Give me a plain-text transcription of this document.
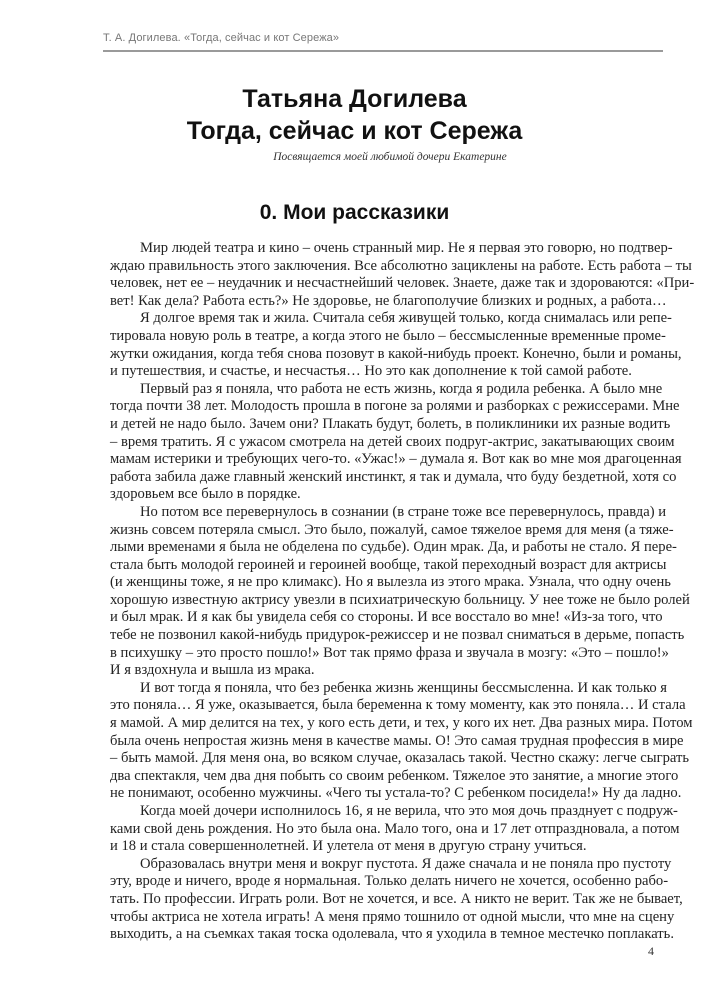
Т. А. Догилева. «Тогда, сейчас и кот Сережа»
Татьяна Догилева
Тогда, сейчас и кот Сережа
Посвящается моей любимой дочери Екатерине
0. Мои рассказики
Мир людей театра и кино – очень странный мир. Не я первая это говорю, но подтвер-
ждаю правильность этого заключения. Все абсолютно зациклены на работе. Есть работа – ты
человек, нет ее – неудачник и несчастнейший человек. Знаете, даже так и здороваются: «При-
вет! Как дела? Работа есть?» Не здоровье, не благополучие близких и родных, а работа…
Я долгое время так и жила. Считала себя живущей только, когда снималась или репе-
тировала новую роль в театре, а когда этого не было – бессмысленные временные проме-
жутки ожидания, когда тебя снова позовут в какой-нибудь проект. Конечно, были и романы,
и путешествия, и счастье, и несчастья… Но это как дополнение к той самой работе.
Первый раз я поняла, что работа не есть жизнь, когда я родила ребенка. А было мне
тогда почти 38 лет. Молодость прошла в погоне за ролями и разборках с режиссерами. Мне
и детей не надо было. Зачем они? Плакать будут, болеть, в поликлиники их разные водить
– время тратить. Я с ужасом смотрела на детей своих подруг-актрис, закатывающих своим
мамам истерики и требующих чего-то. «Ужас!» – думала я. Вот как во мне моя драгоценная
работа забила даже главный женский инстинкт, я так и думала, что буду бездетной, хотя со
здоровьем все было в порядке.
Но потом все перевернулось в сознании (в стране тоже все перевернулось, правда) и
жизнь совсем потеряла смысл. Это было, пожалуй, самое тяжелое время для меня (а тяже-
лыми временами я была не обделена по судьбе). Один мрак. Да, и работы не стало. Я пере-
стала быть молодой героиней и героиней вообще, такой переходный возраст для актрисы
(и женщины тоже, я не про климакс). Но я вылезла из этого мрака. Узнала, что одну очень
хорошую известную актрису увезли в психиатрическую больницу. У нее тоже не было ролей
и был мрак. И я как бы увидела себя со стороны. И все восстало во мне! «Из-за того, что
тебе не позвонил какой-нибудь придурок-режиссер и не позвал сниматься в дерьме, попасть
в психушку – это просто пошло!» Вот так прямо фраза и звучала в мозгу: «Это – пошло!»
И я вздохнула и вышла из мрака.
И вот тогда я поняла, что без ребенка жизнь женщины бессмысленна. И как только я
это поняла… Я уже, оказывается, была беременна к тому моменту, как это поняла… И стала
я мамой. А мир делится на тех, у кого есть дети, и тех, у кого их нет. Два разных мира. Потом
была очень непростая жизнь меня в качестве мамы. О! Это самая трудная профессия в мире
– быть мамой. Для меня она, во всяком случае, оказалась такой. Честно скажу: легче сыграть
два спектакля, чем два дня побыть со своим ребенком. Тяжелое это занятие, а многие этого
не понимают, особенно мужчины. «Чего ты устала-то? С ребенком посидела!» Ну да ладно.
Когда моей дочери исполнилось 16, я не верила, что это моя дочь празднует с подруж-
ками свой день рождения. Но это была она. Мало того, она и 17 лет отпраздновала, а потом
и 18 и стала совершеннолетней. И улетела от меня в другую страну учиться.
Образовалась внутри меня и вокруг пустота. Я даже сначала и не поняла про пустоту
эту, вроде и ничего, вроде я нормальная. Только делать ничего не хочется, особенно рабо-
тать. По профессии. Играть роли. Вот не хочется, и все. А никто не верит. Так же не бывает,
чтобы актриса не хотела играть! А меня прямо тошнило от одной мысли, что мне на сцену
выходить, а на съемках такая тоска одолевала, что я уходила в темное местечко поплакать.
4
